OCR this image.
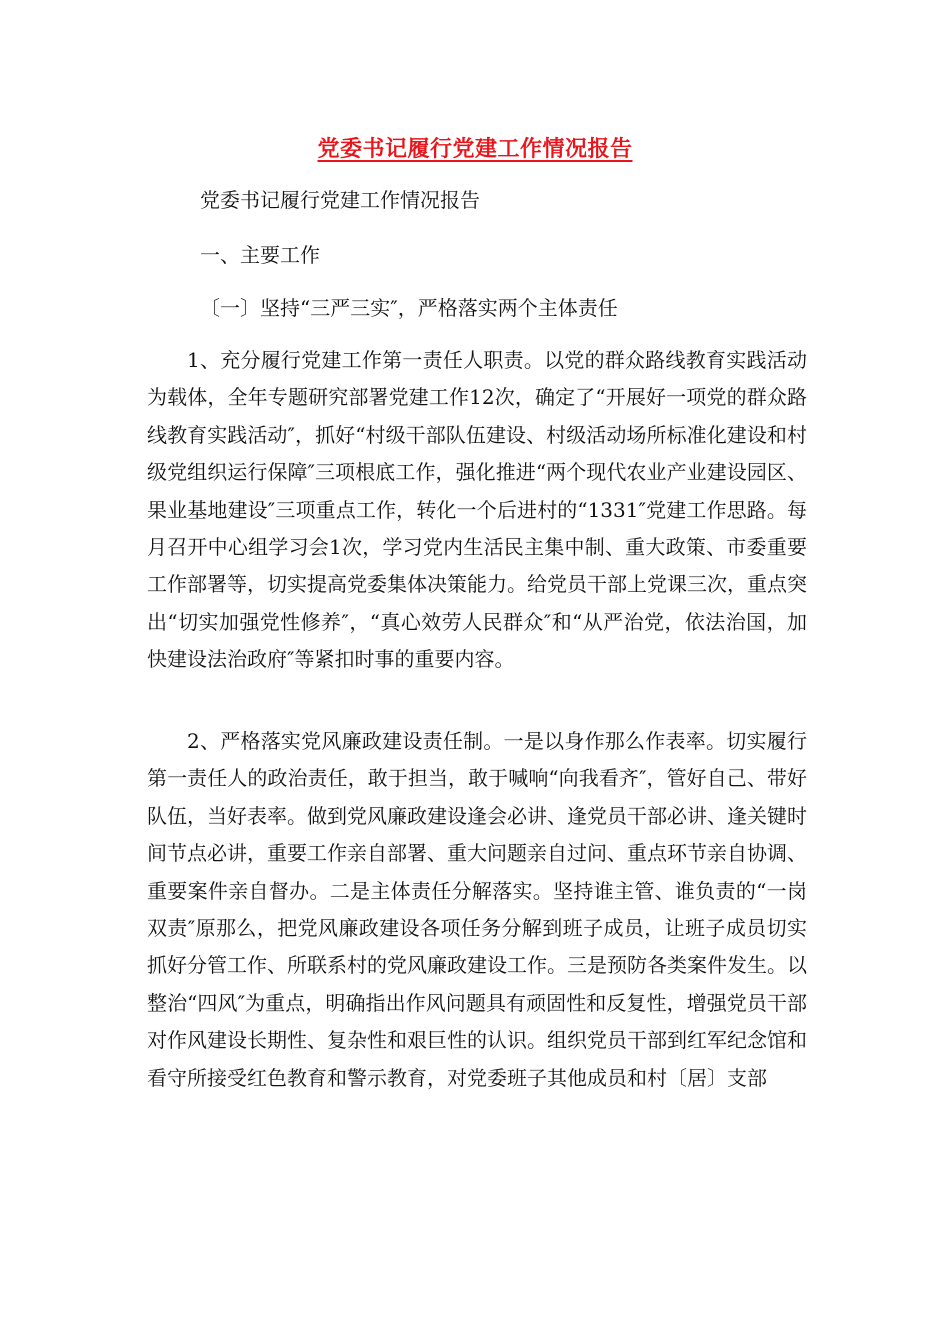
党委书记履行党建工作情况报告
党委书记履行党建工作情况报告
一、主要工作
〔一〕坚持“三严三实″，严格落实两个主体责任

1、充分履行党建工作第一责任人职责。以党的群众路线教育实践活动为载体，全年专题研究部署党建工作12次，确定了“开展好一项党的群众路线教育实践活动″，抓好“村级干部队伍建设、村级活动场所标准化建设和村级党组织运行保障″三项根底工作，强化推进“两个现代农业产业建设园区、果业基地建设″三项重点工作，转化一个后进村的“1331″党建工作思路。每月召开中心组学习会1次，学习党内生活民主集中制、重大政策、市委重要工作部署等，切实提高党委集体决策能力。给党员干部上党课三次，重点突出“切实加强党性修养″，“真心效劳人民群众″和“从严治党，依法治国，加快建设法治政府″等紧扣时事的重要内容。

2、严格落实党风廉政建设责任制。一是以身作那么作表率。切实履行第一责任人的政治责任，敢于担当，敢于喊响“向我看齐″，管好自己、带好队伍，当好表率。做到党风廉政建设逢会必讲、逢党员干部必讲、逢关键时间节点必讲，重要工作亲自部署、重大问题亲自过问、重点环节亲自协调、重要案件亲自督办。二是主体责任分解落实。坚持谁主管、谁负责的“一岗双责″原那么，把党风廉政建设各项任务分解到班子成员，让班子成员切实抓好分管工作、所联系村的党风廉政建设工作。三是预防各类案件发生。以整治“四风″为重点，明确指出作风问题具有顽固性和反复性，增强党员干部对作风建设长期性、复杂性和艰巨性的认识。组织党员干部到红军纪念馆和看守所接受红色教育和警示教育，对党委班子其他成员和村〔居〕支部
